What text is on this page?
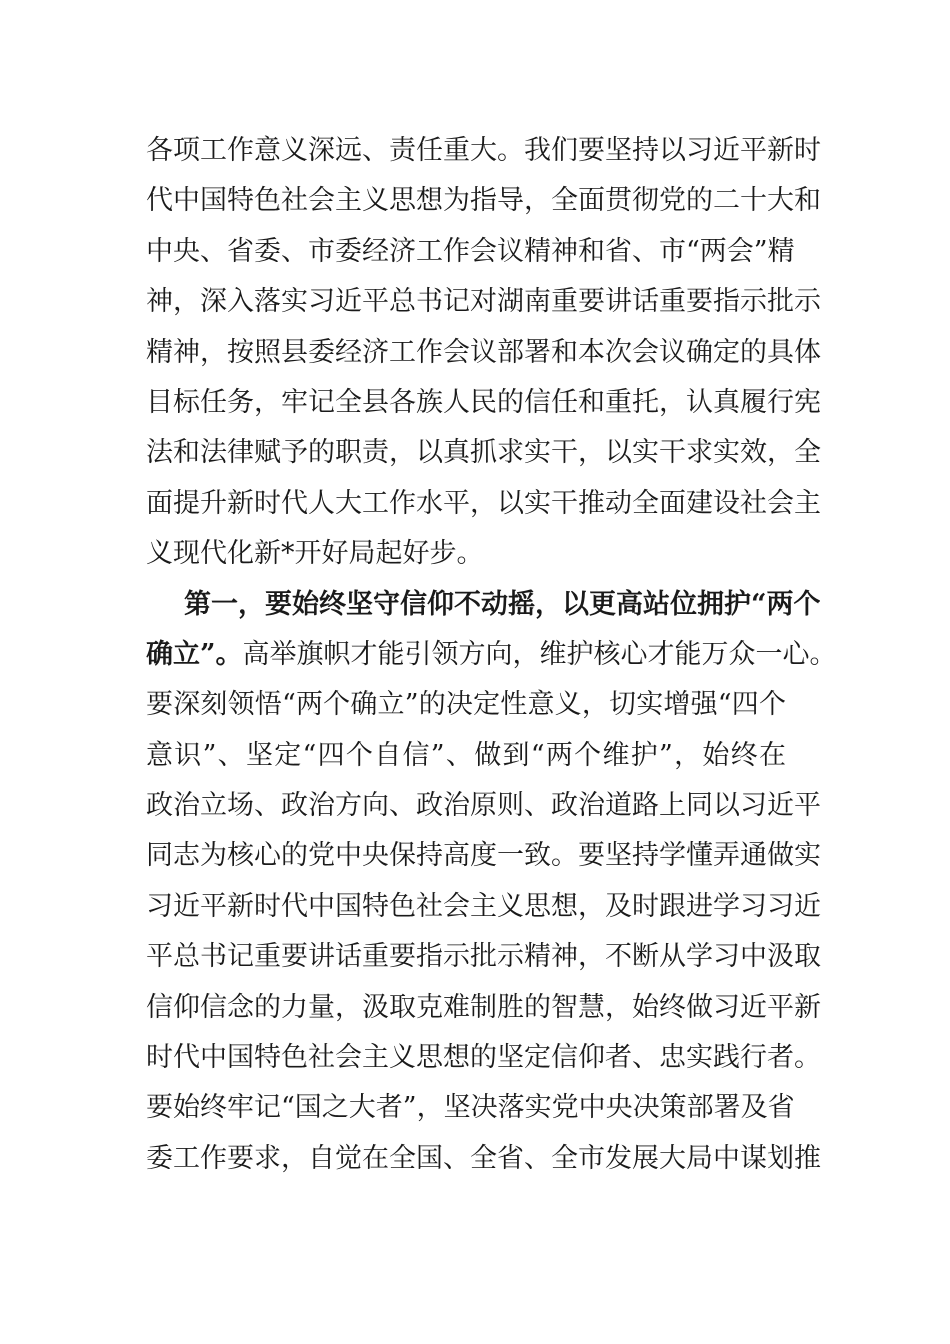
各项工作意义深远、责任重大。我们要坚持以习近平新时
代中国特色社会主义思想为指导，全面贯彻党的二十大和
中央、省委、市委经济工作会议精神和省、市“两会”精
神，深入落实习近平总书记对湖南重要讲话重要指示批示
精神，按照县委经济工作会议部署和本次会议确定的具体
目标任务，牢记全县各族人民的信任和重托，认真履行宪
法和法律赋予的职责，以真抓求实干，以实干求实效，全
面提升新时代人大工作水平，以实干推动全面建设社会主
义现代化新*开好局起好步。
第一，要始终坚守信仰不动摇，以更高站位拥护“两个
确立”。高举旗帜才能引领方向，维护核心才能万众一心。
要深刻领悟“两个确立”的决定性意义，切实增强“四个
意识”、坚定“四个自信”、做到“两个维护”，始终在
政治立场、政治方向、政治原则、政治道路上同以习近平
同志为核心的党中央保持高度一致。要坚持学懂弄通做实
习近平新时代中国特色社会主义思想，及时跟进学习习近
平总书记重要讲话重要指示批示精神，不断从学习中汲取
信仰信念的力量，汲取克难制胜的智慧，始终做习近平新
时代中国特色社会主义思想的坚定信仰者、忠实践行者。
要始终牢记“国之大者”，坚决落实党中央决策部署及省
委工作要求，自觉在全国、全省、全市发展大局中谋划推
